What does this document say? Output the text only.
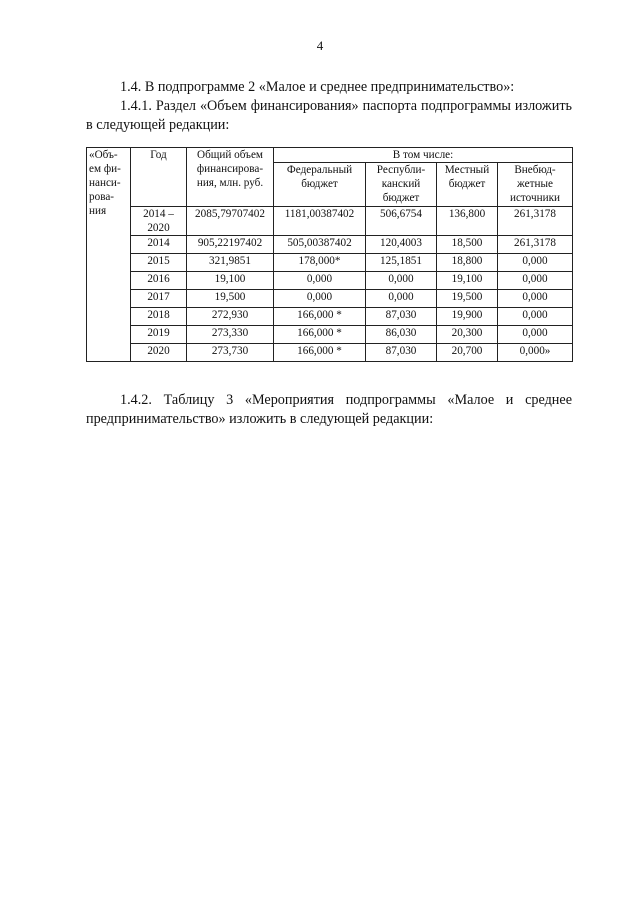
4
1.4. В подпрограмме 2 «Малое и среднее предпринимательство»:
1.4.1. Раздел «Объем финансирования» паспорта подпрограммы изложить в следующей редакции:
«Объ-ем фи-нанси-рова-ния	Год	Общий объем финансирова-ния, млн. руб.	В том числе:			
			Федеральный бюджет	Республи-канский бюджет	Местный бюджет	Внебюд-жетные источники
	2014 – 2020	2085,79707402	1181,00387402	506,6754	136,800	261,3178
	2014	905,22197402	505,00387402	120,4003	18,500	261,3178
	2015	321,9851	178,000*	125,1851	18,800	0,000
	2016	19,100	0,000	0,000	19,100	0,000
	2017	19,500	0,000	0,000	19,500	0,000
	2018	272,930	166,000 *	87,030	19,900	0,000
	2019	273,330	166,000 *	86,030	20,300	0,000
	2020	273,730	166,000 *	87,030	20,700	0,000»
1.4.2. Таблицу 3 «Мероприятия подпрограммы «Малое и среднее предпринимательство» изложить в следующей редакции:
